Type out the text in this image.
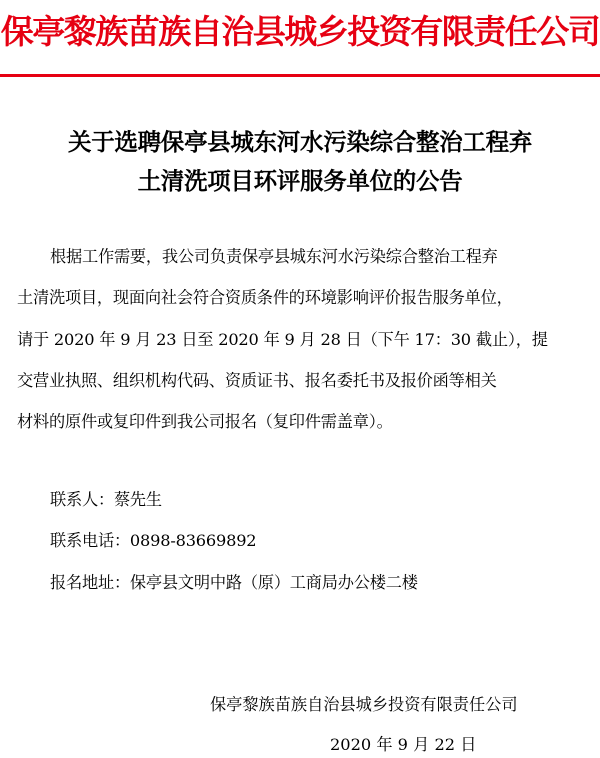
保亭黎族苗族自治县城乡投资有限责任公司
关于选聘保亭县城东河水污染综合整治工程弃
土清洗项目环评服务单位的公告
根据工作需要，我公司负责保亭县城东河水污染综合整治工程弃
土清洗项目，现面向社会符合资质条件的环境影响评价报告服务单位，
请于 2020 年 9 月 23 日至 2020 年 9 月 28 日（下午 17：30 截止），提
交营业执照、组织机构代码、资质证书、报名委托书及报价函等相关
材料的原件或复印件到我公司报名（复印件需盖章）。
联系人：蔡先生
联系电话：0898-83669892
报名地址：保亭县文明中路（原）工商局办公楼二楼
保亭黎族苗族自治县城乡投资有限责任公司
2020 年 9 月 22 日
